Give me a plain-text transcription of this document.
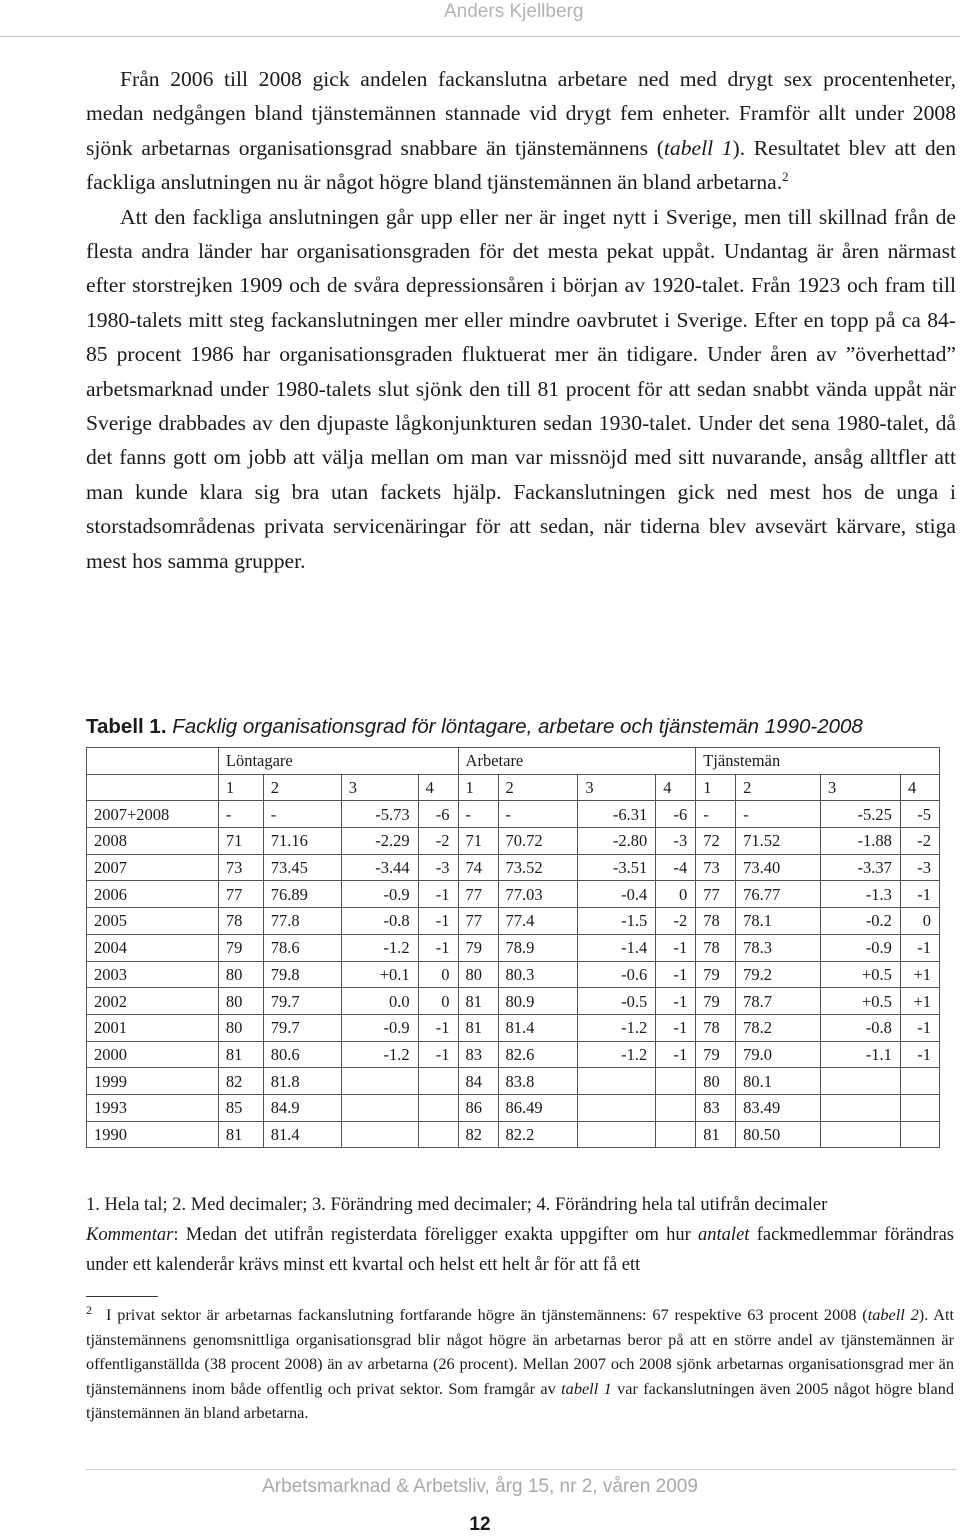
Anders Kjellberg

Från 2006 till 2008 gick andelen fackanslutna arbetare ned med drygt sex procentenheter, medan nedgången bland tjänstemännen stannade vid drygt fem enheter. Framför allt under 2008 sjönk arbetarnas organisationsgrad snabbare än tjänstemännens (tabell 1). Resultatet blev att den fackliga anslutningen nu är något högre bland tjänstemännen än bland arbetarna.$^2$

Att den fackliga anslutningen går upp eller ner är inget nytt i Sverige, men till skillnad från de flesta andra länder har organisationsgraden för det mesta pekat uppåt. Undantag är åren närmast efter storstrejken 1909 och de svåra depressionsåren i början av 1920-talet. Från 1923 och fram till 1980-talets mitt steg fackanslutningen mer eller mindre oavbrutet i Sverige. Efter en topp på ca 84-85 procent 1986 har organisationsgraden fluktuerat mer än tidigare. Under åren av ”överhettad” arbetsmarknad under 1980-talets slut sjönk den till 81 procent för att sedan snabbt vända uppåt när Sverige drabbades av den djupaste lågkonjunkturen sedan 1930-talet. Under det sena 1980-talet, då det fanns gott om jobb att välja mellan om man var missnöjd med sitt nuvarande, ansåg alltfler att man kunde klara sig bra utan fackets hjälp. Fackanslutningen gick ned mest hos de unga i storstadsområdenas privata servicenäringar för att sedan, när tiderna blev avsevärt kärvare, stiga mest hos samma grupper.

Tabell 1. Facklig organisationsgrad för löntagare, arbetare och tjänstemän 1990-2008
	Löntagare				Arbetare				Tjänstemän			
	1	2	3	4	1	2	3	4	1	2	3	4
2007+2008	-	-	-5.73	-6	-	-	-6.31	-6	-	-	-5.25	-5
2008	71	71.16	-2.29	-2	71	70.72	-2.80	-3	72	71.52	-1.88	-2
2007	73	73.45	-3.44	-3	74	73.52	-3.51	-4	73	73.40	-3.37	-3
2006	77	76.89	-0.9	-1	77	77.03	-0.4	0	77	76.77	-1.3	-1
2005	78	77.8	-0.8	-1	77	77.4	-1.5	-2	78	78.1	-0.2	0
2004	79	78.6	-1.2	-1	79	78.9	-1.4	-1	78	78.3	-0.9	-1
2003	80	79.8	+0.1	0	80	80.3	-0.6	-1	79	79.2	+0.5	+1
2002	80	79.7	0.0	0	81	80.9	-0.5	-1	79	78.7	+0.5	+1
2001	80	79.7	-0.9	-1	81	81.4	-1.2	-1	78	78.2	-0.8	-1
2000	81	80.6	-1.2	-1	83	82.6	-1.2	-1	79	79.0	-1.1	-1
1999	82	81.8			84	83.8			80	80.1		
1993	85	84.9			86	86.49			83	83.49		
1990	81	81.4			82	82.2			81	80.50		
1. Hela tal; 2. Med decimaler; 3. Förändring med decimaler; 4. Förändring hela tal utifrån decimaler
Kommentar: Medan det utifrån registerdata föreligger exakta uppgifter om hur antalet fackmedlemmar förändras under ett kalenderår krävs minst ett kvartal och helst ett helt år för att få ett

$^2$ I privat sektor är arbetarnas fackanslutning fortfarande högre än tjänstemännens: 67 respektive 63 procent 2008 (tabell 2). Att tjänstemännens genomsnittliga organisationsgrad blir något högre än arbetarnas beror på att en större andel av tjänstemännen är offentliganställda (38 procent 2008) än av arbetarna (26 procent). Mellan 2007 och 2008 sjönk arbetarnas organisationsgrad mer än tjänstemännens inom både offentlig och privat sektor. Som framgår av tabell 1 var fackanslutningen även 2005 något högre bland tjänstemännen än bland arbetarna.

Arbetsmarknad & Arbetsliv, årg 15, nr 2, våren 2009
12
